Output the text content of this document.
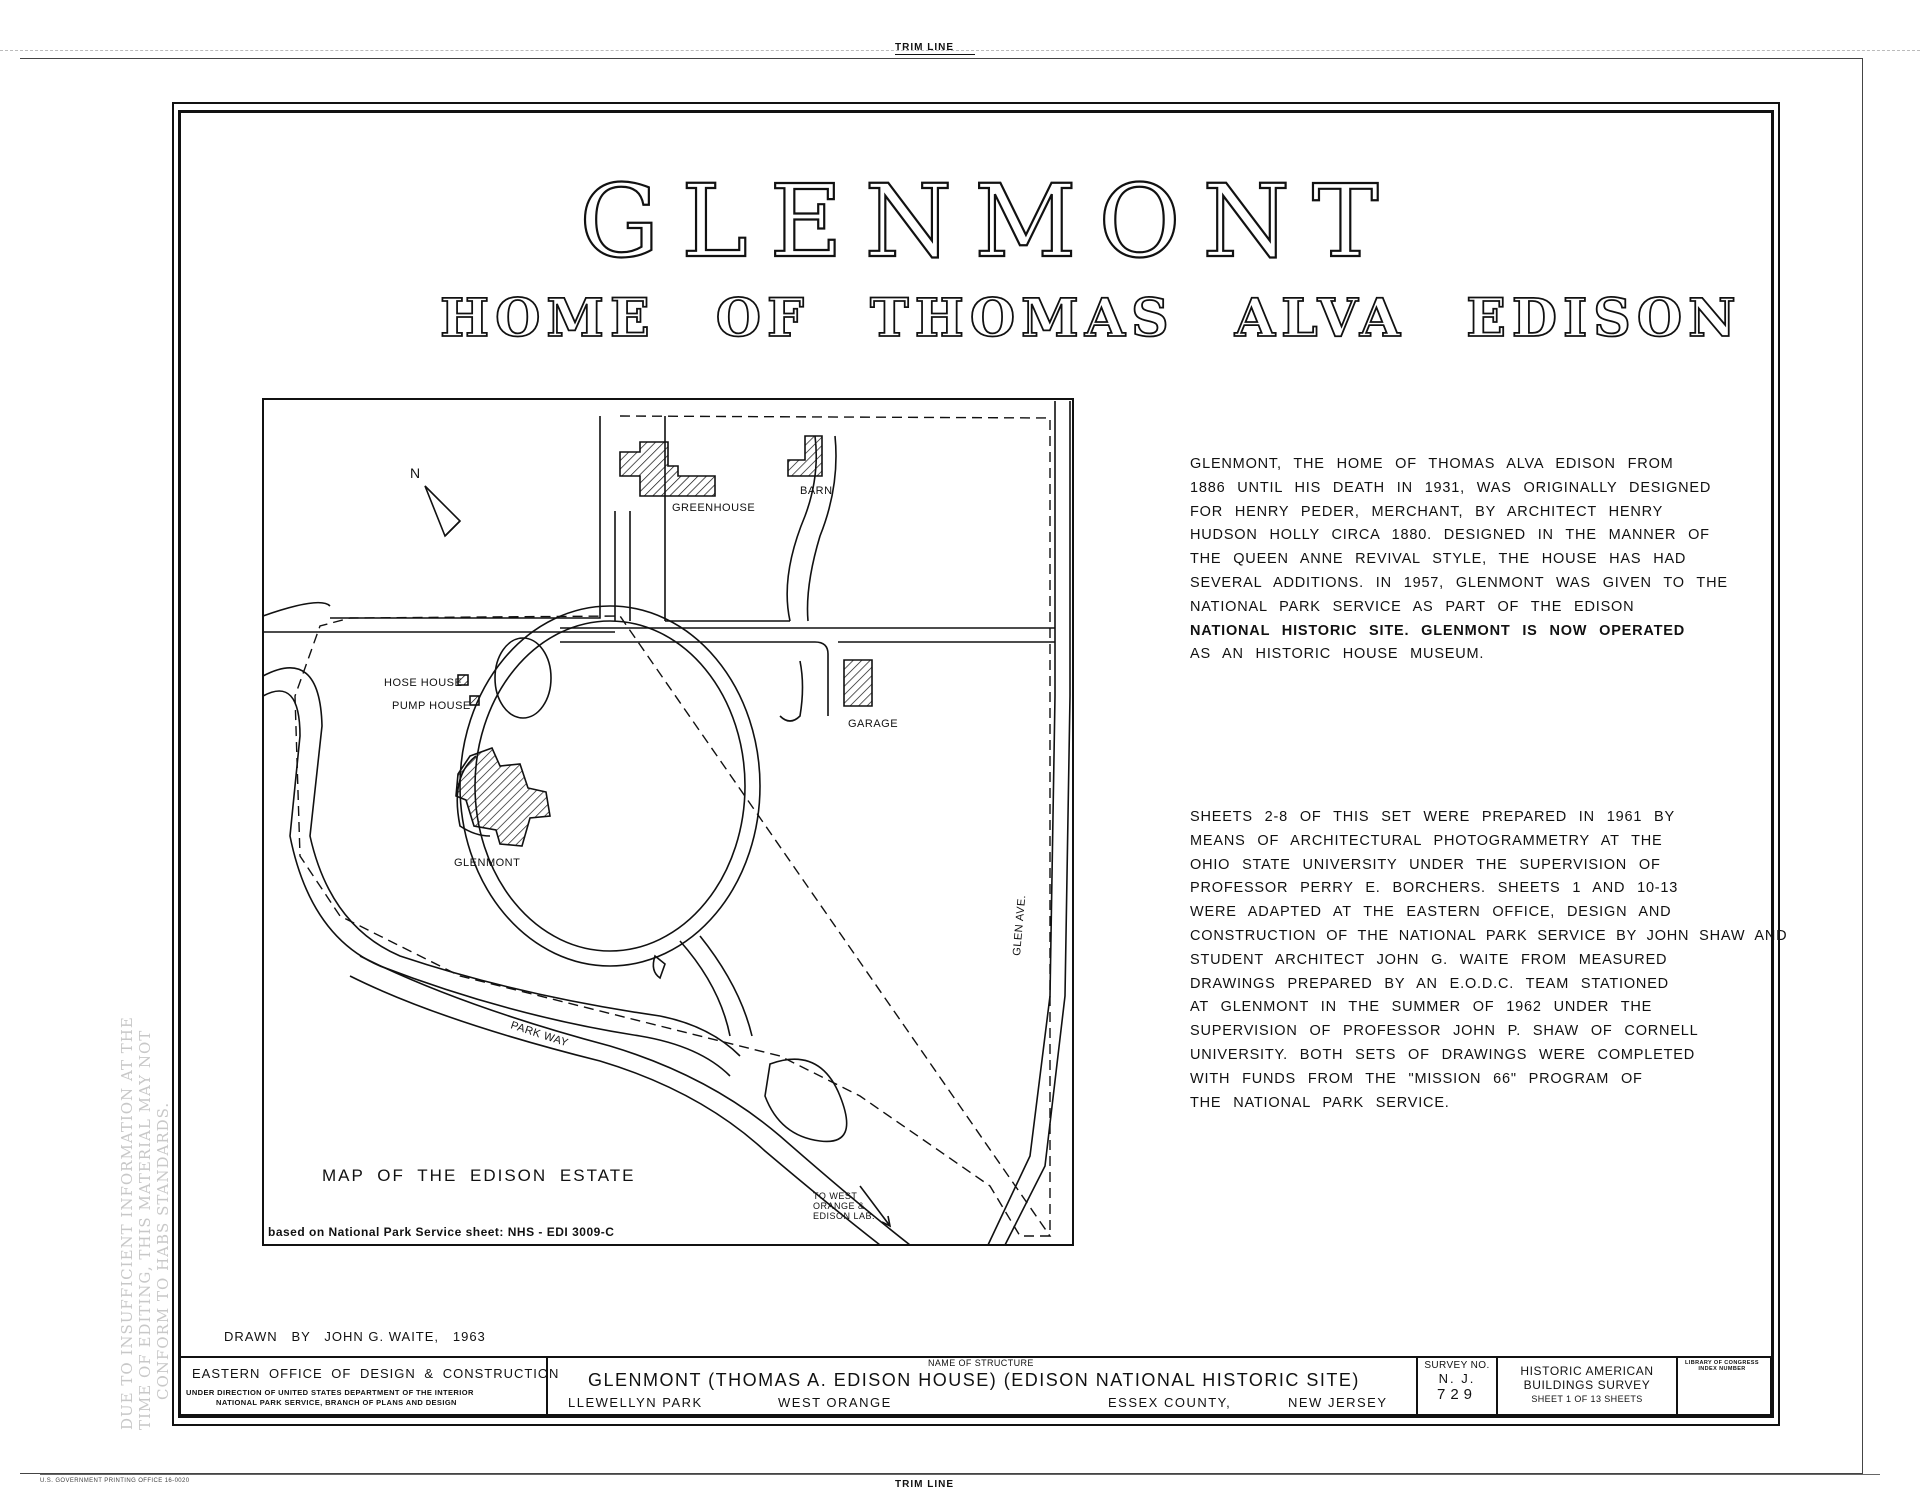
TRIM LINE
TRIM LINE
U.S. GOVERNMENT PRINTING OFFICE 16-0020
DUE TO INSUFFICIENT INFORMATION AT THE TIME OF EDITING, THIS MATERIAL MAY NOT CONFORM TO HABS STANDARDS.
GLENMONT
HOME OF THOMAS ALVA EDISON
N
GREENHOUSE
BARN
HOSE HOUSE
PUMP HOUSE
GARAGE
GLENMONT
GLEN AVE.
PARK WAY
TO WEST
ORANGE &
EDISON LAB.
MAP OF THE EDISON ESTATE
based on National Park Service sheet: NHS - EDI 3009-C
GLENMONT, THE HOME OF THOMAS ALVA EDISON FROM
1886 UNTIL HIS DEATH IN 1931, WAS ORIGINALLY DESIGNED
FOR HENRY PEDER, MERCHANT, BY ARCHITECT HENRY
HUDSON HOLLY CIRCA 1880. DESIGNED IN THE MANNER OF
THE QUEEN ANNE REVIVAL STYLE, THE HOUSE HAS HAD
SEVERAL ADDITIONS. IN 1957, GLENMONT WAS GIVEN TO THE
NATIONAL PARK SERVICE AS PART OF THE EDISON
NATIONAL HISTORIC SITE. GLENMONT IS NOW OPERATED
AS AN HISTORIC HOUSE MUSEUM.
SHEETS 2-8 OF THIS SET WERE PREPARED IN 1961 BY
MEANS OF ARCHITECTURAL PHOTOGRAMMETRY AT THE
OHIO STATE UNIVERSITY UNDER THE SUPERVISION OF
PROFESSOR PERRY E. BORCHERS. SHEETS 1 AND 10-13
WERE ADAPTED AT THE EASTERN OFFICE, DESIGN AND
CONSTRUCTION OF THE NATIONAL PARK SERVICE BY JOHN SHAW AND
STUDENT ARCHITECT JOHN G. WAITE FROM MEASURED
DRAWINGS PREPARED BY AN E.O.D.C. TEAM STATIONED
AT GLENMONT IN THE SUMMER OF 1962 UNDER THE
SUPERVISION OF PROFESSOR JOHN P. SHAW OF CORNELL
UNIVERSITY. BOTH SETS OF DRAWINGS WERE COMPLETED
WITH FUNDS FROM THE "MISSION 66" PROGRAM OF
THE NATIONAL PARK SERVICE.
DRAWN   BY   JOHN G. WAITE,   1963
EASTERN OFFICE OF DESIGN & CONSTRUCTION
UNDER DIRECTION OF UNITED STATES DEPARTMENT OF THE INTERIOR
NATIONAL PARK SERVICE, BRANCH OF PLANS AND DESIGN
NAME OF STRUCTURE
GLENMONT (THOMAS A. EDISON HOUSE) (EDISON NATIONAL HISTORIC SITE)
LLEWELLYN PARK	WEST ORANGE	ESSEX COUNTY,	NEW JERSEY
SURVEY NO.
N. J.
729
HISTORIC AMERICAN
BUILDINGS SURVEY
SHEET 1 OF 13 SHEETS
LIBRARY OF CONGRESS
INDEX NUMBER
